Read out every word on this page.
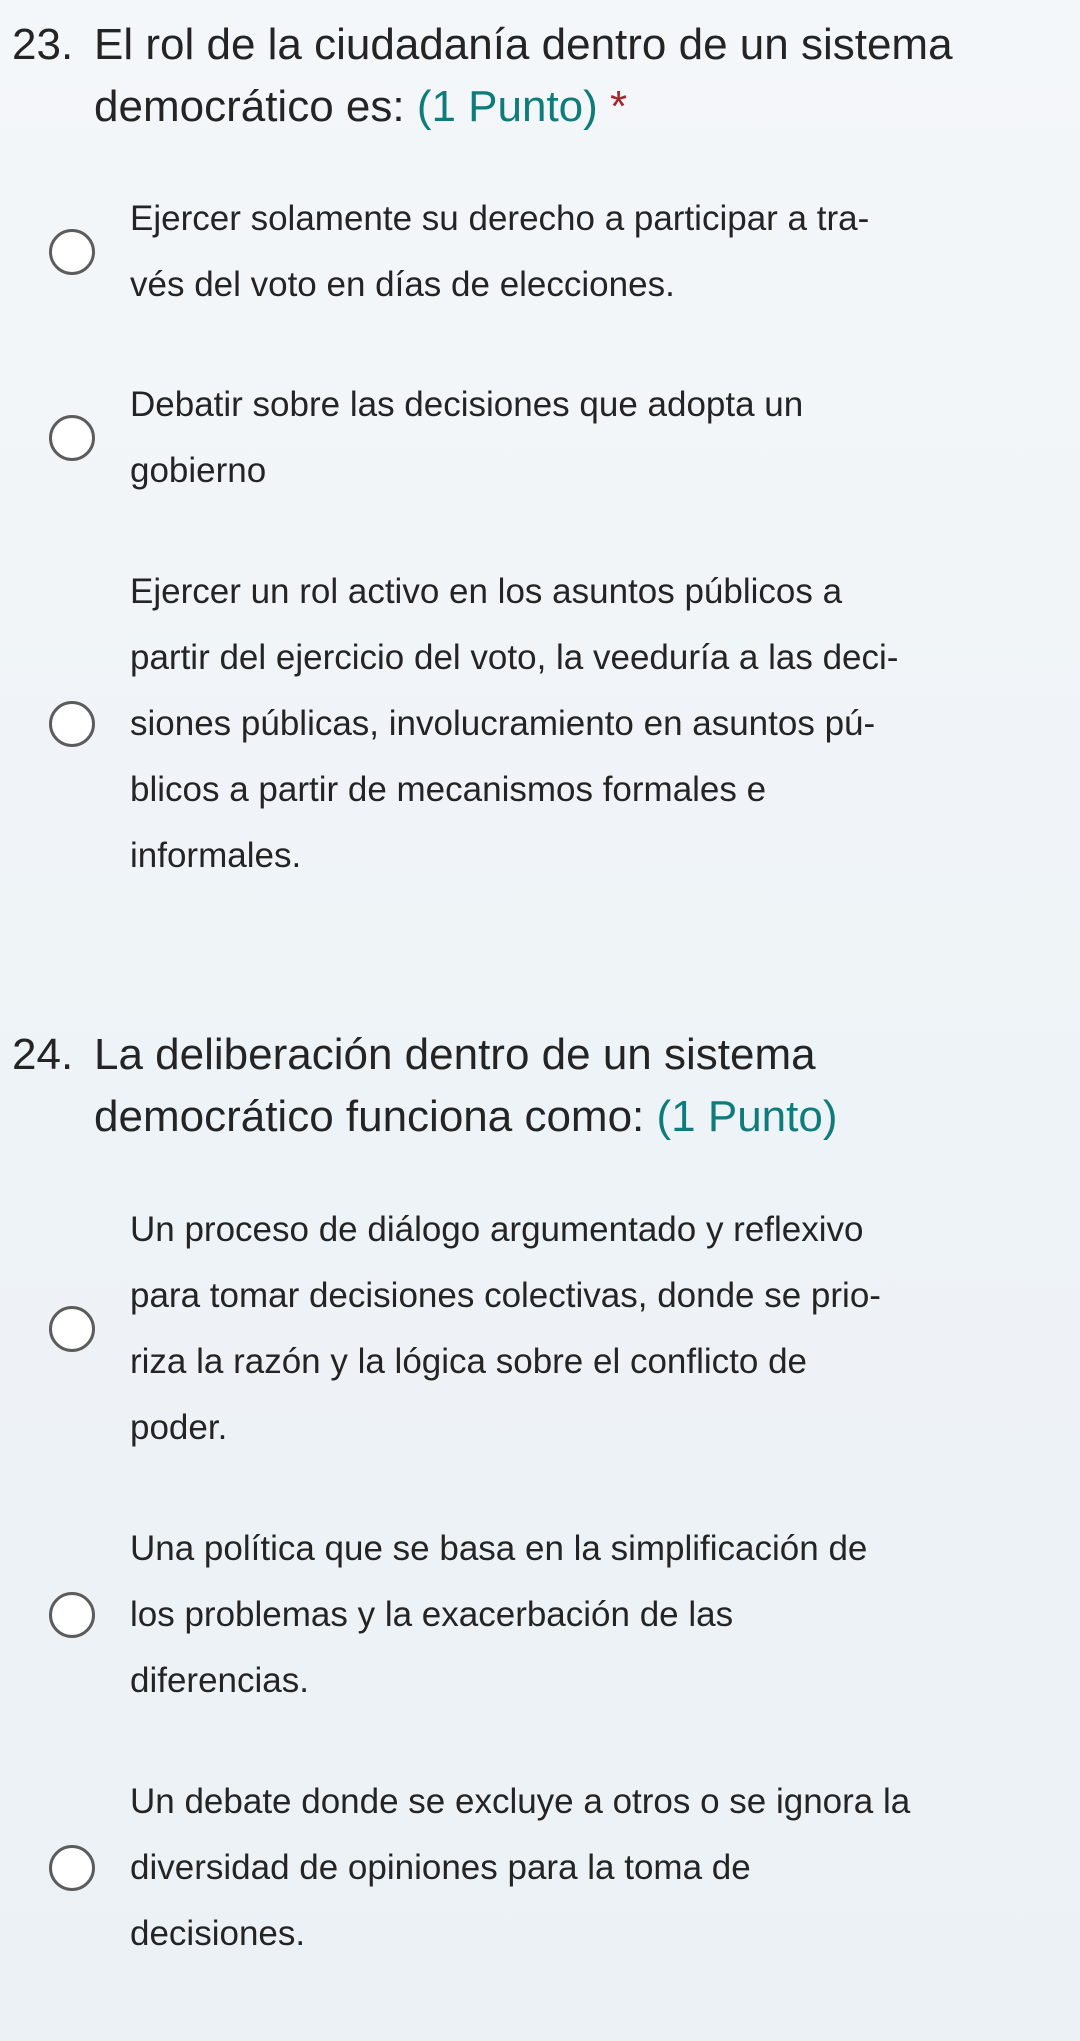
23. El rol de la ciudadanía dentro de un sistema
democrático es: (1 Punto) *
Ejercer solamente su derecho a participar a tra-
vés del voto en días de elecciones.
Debatir sobre las decisiones que adopta un
gobierno
Ejercer un rol activo en los asuntos públicos a
partir del ejercicio del voto, la veeduría a las deci-
siones públicas, involucramiento en asuntos pú-
blicos a partir de mecanismos formales e
informales.
24. La deliberación dentro de un sistema
democrático funciona como: (1 Punto)
Un proceso de diálogo argumentado y reflexivo
para tomar decisiones colectivas, donde se prio-
riza la razón y la lógica sobre el conflicto de
poder.
Una política que se basa en la simplificación de
los problemas y la exacerbación de las
diferencias.
Un debate donde se excluye a otros o se ignora la
diversidad de opiniones para la toma de
decisiones.
